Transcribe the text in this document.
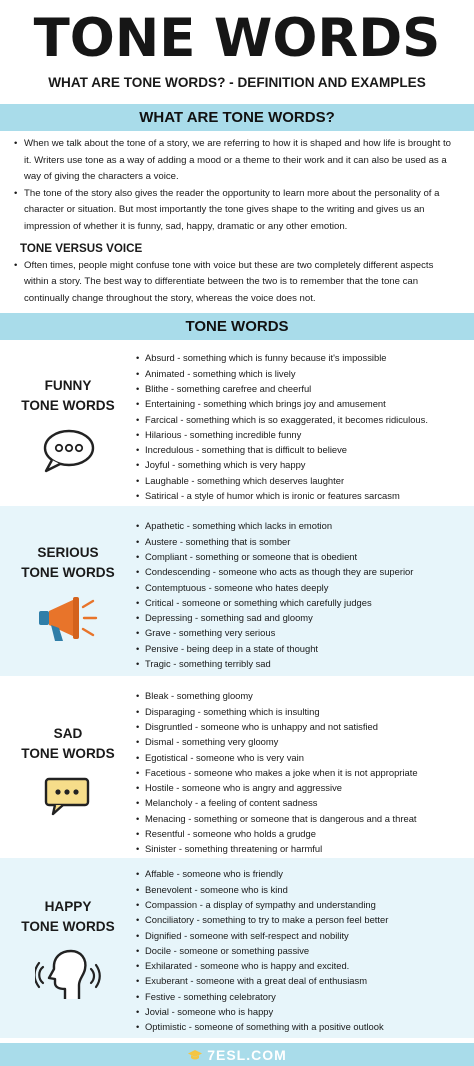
TONE WORDS
WHAT ARE TONE WORDS? - DEFINITION AND EXAMPLES
WHAT ARE TONE WORDS?

• When we talk about the tone of a story, we are referring to how it is shaped and how life is brought to it. Writers use tone as a way of adding a mood or a theme to their work and it can also be used as a way of giving the characters a voice.

• The tone of the story also gives the reader the opportunity to learn more about the personality of a character or situation. But most importantly the tone gives shape to the writing and gives us an impression of whether it is funny, sad, happy, dramatic or any other emotion.

TONE VERSUS VOICE

• Often times, people might confuse tone with voice but these are two completely different aspects within a story. The best way to differentiate between the two is to remember that the tone can continually change throughout the story, whereas the voice does not.

TONE WORDS
FUNNY
TONE WORDS
• Absurd - something which is funny because it's impossible
• Animated - something which is lively
• Blithe - something carefree and cheerful
• Entertaining - something which brings joy and amusement
• Farcical - something which is so exaggerated, it becomes ridiculous.
• Hilarious - something incredible funny
• Incredulous - something that is difficult to believe
• Joyful - something which is very happy
• Laughable - something which deserves laughter
• Satirical - a style of humor which is ironic or features sarcasm
SERIOUS
TONE WORDS
• Apathetic - something which lacks in emotion
• Austere - something that is somber
• Compliant - something or someone that is obedient
• Condescending - someone who acts as though they are superior
• Contemptuous - someone who hates deeply
• Critical - someone or something which carefully judges
• Depressing - something sad and gloomy
• Grave - something very serious
• Pensive - being deep in a state of thought
• Tragic - something terribly sad
SAD
TONE WORDS
• Bleak - something gloomy
• Disparaging - something which is insulting
• Disgruntled - someone who is unhappy and not satisfied
• Dismal - something very gloomy
• Egotistical - someone who is very vain
• Facetious - someone who makes a joke when it is not appropriate
• Hostile - someone who is angry and aggressive
• Melancholy - a feeling of content sadness
• Menacing - something or someone that is dangerous and a threat
• Resentful - someone who holds a grudge
• Sinister - something threatening or harmful
HAPPY
TONE WORDS
• Affable - someone who is friendly
• Benevolent - someone who is kind
• Compassion - a display of sympathy and understanding
• Conciliatory - something to try to make a person feel better
• Dignified - someone with self-respect and nobility
• Docile - someone or something passive
• Exhilarated - someone who is happy and excited.
• Exuberant - someone with a great deal of enthusiasm
• Festive - something celebratory
• Jovial - someone who is happy
• Optimistic - someone of something with a positive outlook
7ESL.COM
